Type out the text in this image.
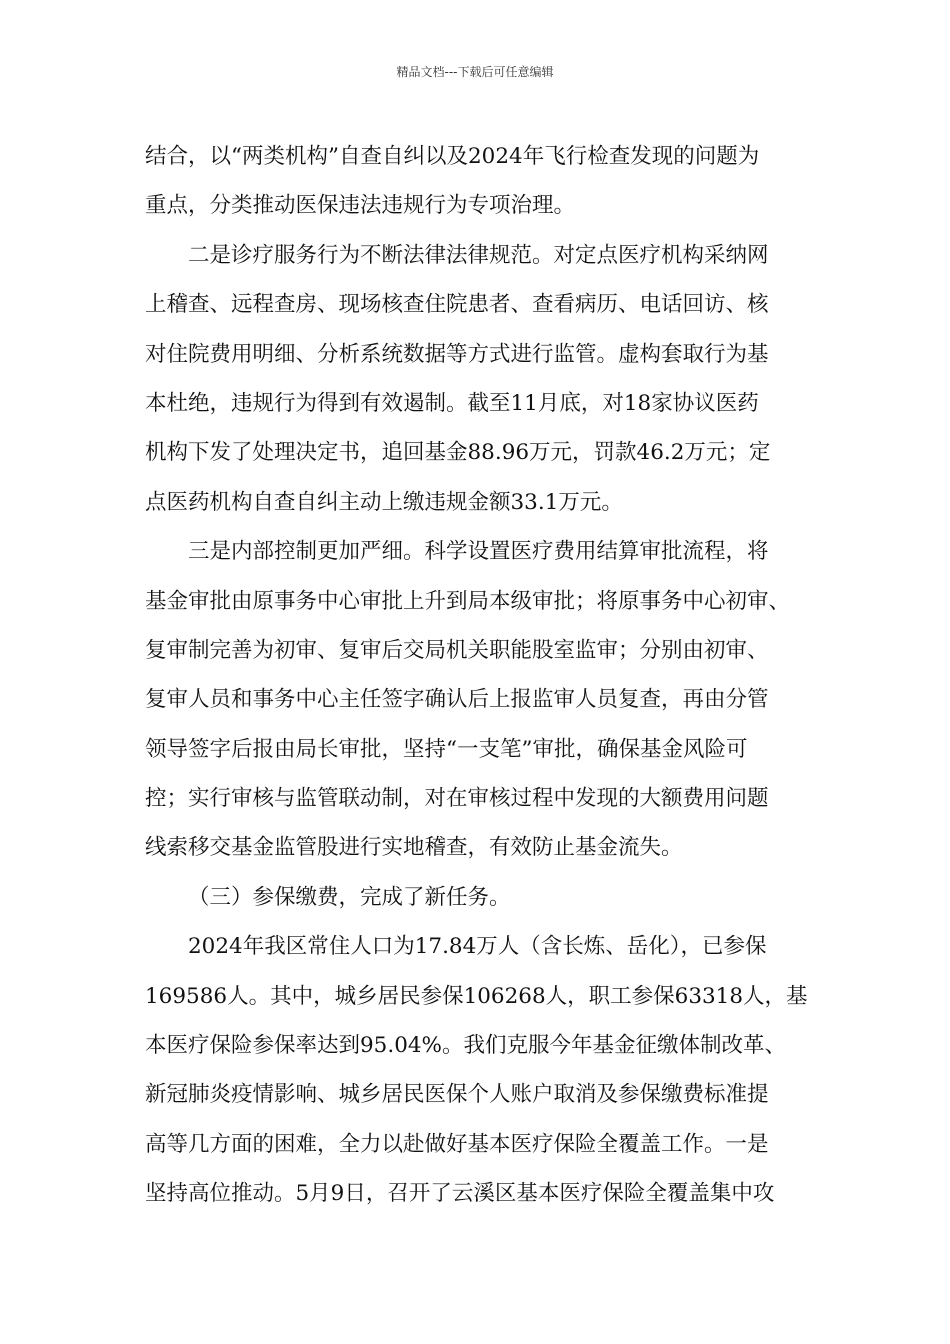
精品文档---下载后可任意编辑
结合，以“两类机构”自查自纠以及2024年飞行检查发现的问题为
重点，分类推动医保违法违规行为专项治理。
二是诊疗服务行为不断法律法律规范。对定点医疗机构采纳网
上稽查、远程查房、现场核查住院患者、查看病历、电话回访、核
对住院费用明细、分析系统数据等方式进行监管。虚构套取行为基
本杜绝，违规行为得到有效遏制。截至11月底，对18家协议医药
机构下发了处理决定书，追回基金88.96万元，罚款46.2万元；定
点医药机构自查自纠主动上缴违规金额33.1万元。
三是内部控制更加严细。科学设置医疗费用结算审批流程，将
基金审批由原事务中心审批上升到局本级审批；将原事务中心初审、
复审制完善为初审、复审后交局机关职能股室监审；分别由初审、
复审人员和事务中心主任签字确认后上报监审人员复查，再由分管
领导签字后报由局长审批，坚持“一支笔”审批，确保基金风险可
控；实行审核与监管联动制，对在审核过程中发现的大额费用问题
线索移交基金监管股进行实地稽查，有效防止基金流失。
（三）参保缴费，完成了新任务。
2024年我区常住人口为17.84万人（含长炼、岳化），已参保
169586人。其中，城乡居民参保106268人，职工参保63318人，基
本医疗保险参保率达到95.04%。我们克服今年基金征缴体制改革、
新冠肺炎疫情影响、城乡居民医保个人账户取消及参保缴费标准提
高等几方面的困难，全力以赴做好基本医疗保险全覆盖工作。一是
坚持高位推动。5月9日，召开了云溪区基本医疗保险全覆盖集中攻
